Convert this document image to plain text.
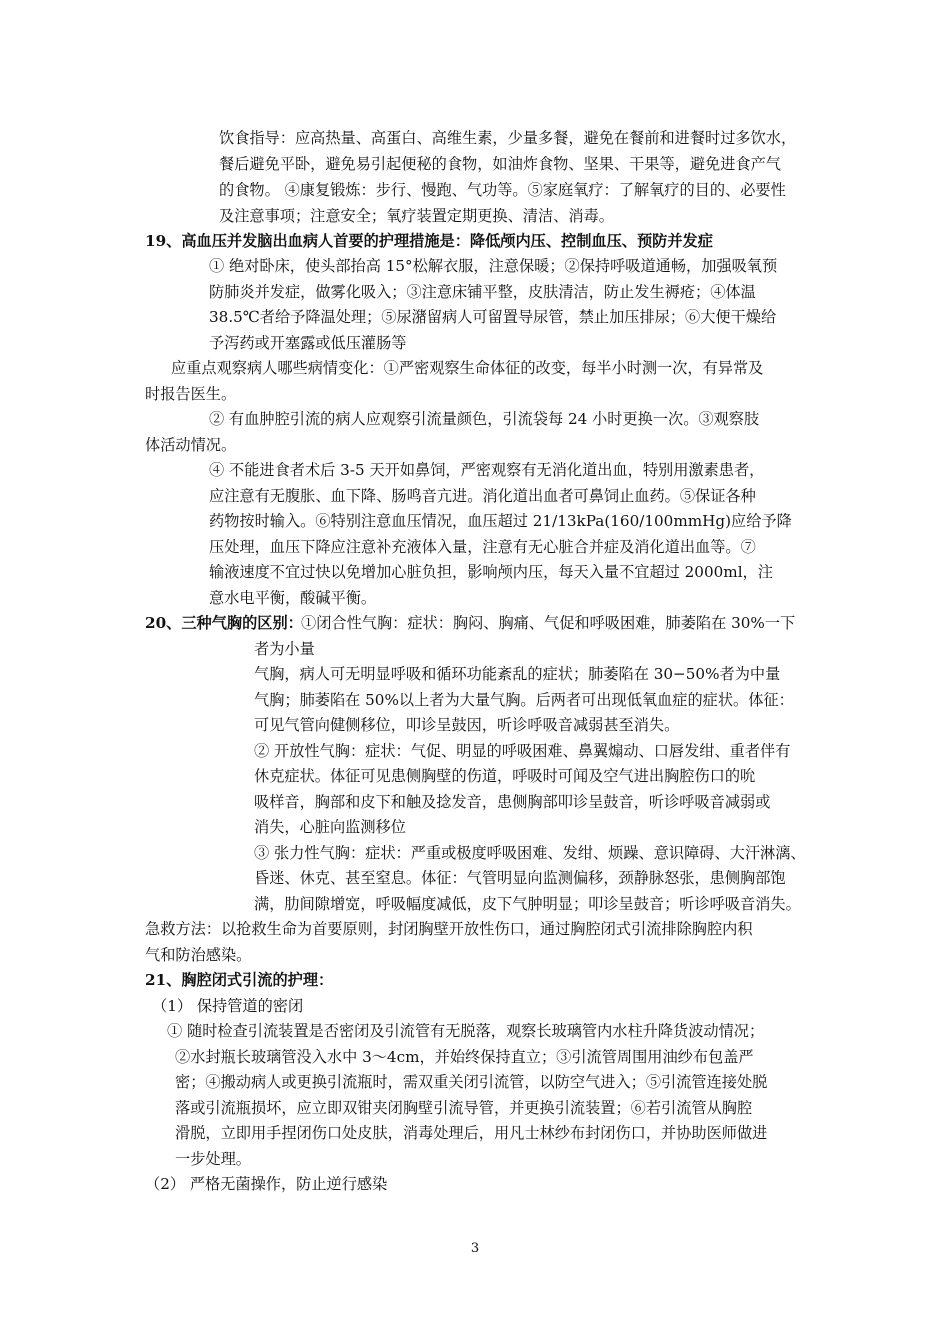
饮食指导：应高热量、高蛋白、高维生素，少量多餐，避免在餐前和进餐时过多饮水，
餐后避免平卧，避免易引起便秘的食物，如油炸食物、坚果、干果等，避免进食产气
的食物。 ④康复锻炼：步行、慢跑、气功等。⑤家庭氧疗：了解氧疗的目的、必要性
及注意事项；注意安全；氧疗装置定期更换、清洁、消毒。
19、高血压并发脑出血病人首要的护理措施是：降低颅内压、控制血压、预防并发症
① 绝对卧床，使头部抬高 15°松解衣服，注意保暖；②保持呼吸道通畅，加强吸氧预
防肺炎并发症，做雾化吸入；③注意床铺平整，皮肤清洁，防止发生褥疮；④体温
38.5℃者给予降温处理；⑤尿潴留病人可留置导尿管，禁止加压排尿；⑥大便干燥给
予泻药或开塞露或低压灌肠等
应重点观察病人哪些病情变化：①严密观察生命体征的改变，每半小时测一次，有异常及
时报告医生。
② 有血肿腔引流的病人应观察引流量颜色，引流袋每 24 小时更换一次。③观察肢
体活动情况。
④ 不能进食者术后 3-5 天开如鼻饲，严密观察有无消化道出血，特别用激素患者，
应注意有无腹胀、血下降、肠鸣音亢进。消化道出血者可鼻饲止血药。⑤保证各种
药物按时输入。⑥特别注意血压情况，血压超过 21/13kPa(160/100mmHg)应给予降
压处理，血压下降应注意补充液体入量，注意有无心脏合并症及消化道出血等。⑦
输液速度不宜过快以免增加心脏负担，影响颅内压，每天入量不宜超过 2000ml，注
意水电平衡，酸碱平衡。
20、三种气胸的区别：
①闭合性气胸：症状：胸闷、胸痛、气促和呼吸困难，肺萎陷在 30%一下
者为小量
气胸，病人可无明显呼吸和循环功能紊乱的症状；肺萎陷在 30−50%者为中量
气胸；肺萎陷在 50%以上者为大量气胸。后两者可出现低氧血症的症状。体征：
可见气管向健侧移位，叩诊呈鼓因，听诊呼吸音减弱甚至消失。
② 开放性气胸：症状：气促、明显的呼吸困难、鼻翼煽动、口唇发绀、重者伴有
休克症状。体征可见患侧胸壁的伤道，呼吸时可闻及空气进出胸腔伤口的吮
吸样音，胸部和皮下和触及捻发音，患侧胸部叩诊呈鼓音，听诊呼吸音减弱或
消失，心脏向监测移位
③ 张力性气胸：症状：严重或极度呼吸困难、发绀、烦躁、意识障碍、大汗淋漓、
昏迷、休克、甚至窒息。体征：气管明显向监测偏移，颈静脉怒张，患侧胸部饱
满，肋间隙增宽，呼吸幅度减低，皮下气肿明显；叩诊呈鼓音；听诊呼吸音消失。
急救方法：以抢救生命为首要原则，封闭胸壁开放性伤口，通过胸腔闭式引流排除胸腔内积
气和防治感染。
21、胸腔闭式引流的护理：
（1） 保持管道的密闭
① 随时检查引流装置是否密闭及引流管有无脱落，观察长玻璃管内水柱升降货波动情况；
②水封瓶长玻璃管没入水中 3～4cm，并始终保持直立；③引流管周围用油纱布包盖严
密；④搬动病人或更换引流瓶时，需双重关闭引流管，以防空气进入；⑤引流管连接处脱
落或引流瓶损坏，应立即双钳夹闭胸壁引流导管，并更换引流装置；⑥若引流管从胸腔
滑脱，立即用手捏闭伤口处皮肤，消毒处理后，用凡士林纱布封闭伤口，并协助医师做进
一步处理。
（2） 严格无菌操作，防止逆行感染
3
